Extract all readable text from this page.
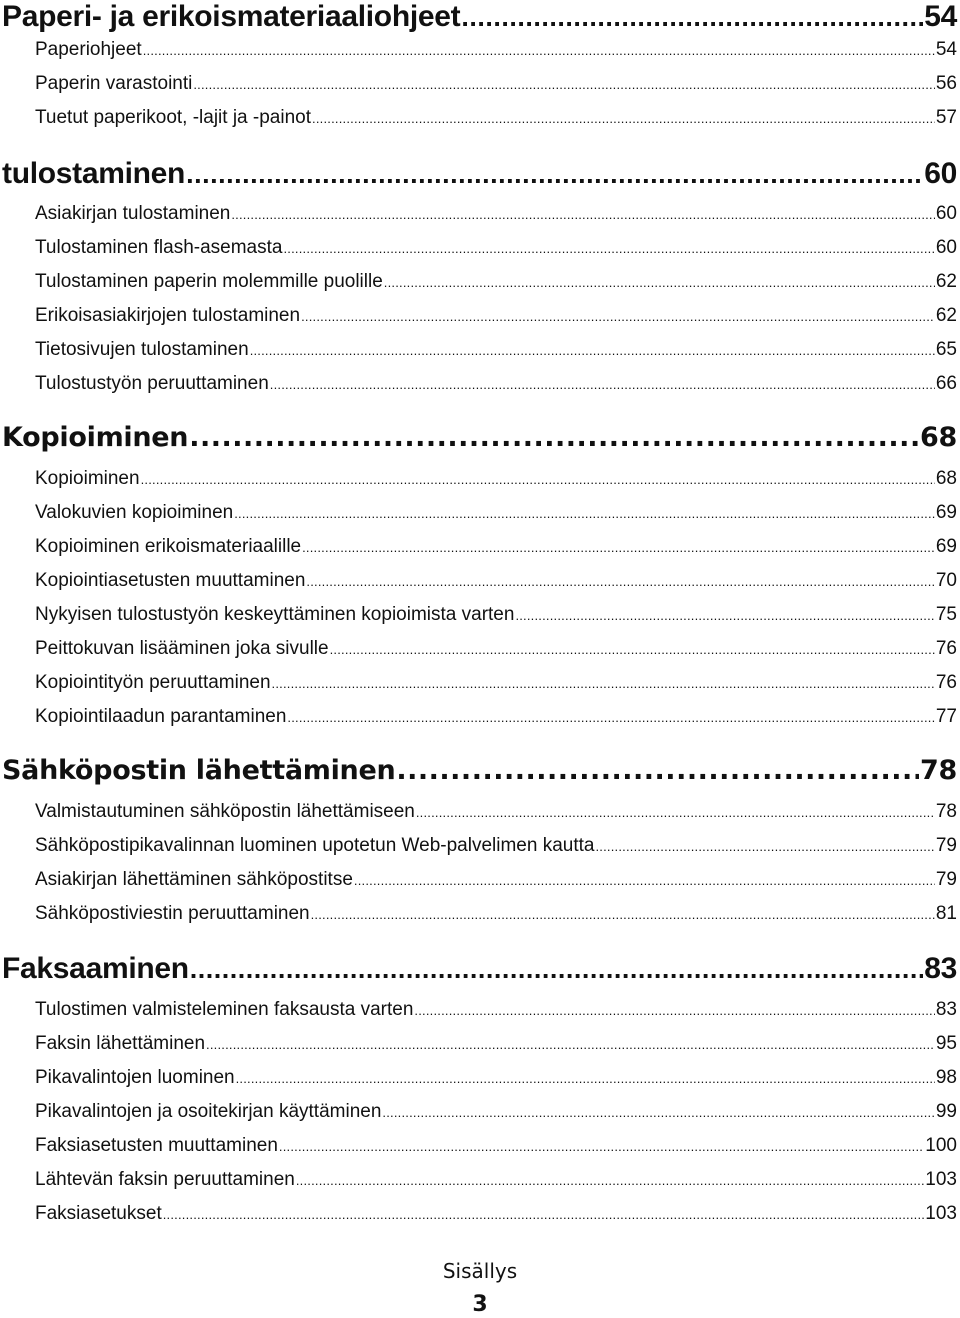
Paperi- ja erikoismateriaaliohjeet .....	54
Paperiohjeet .....	54
Paperin varastointi .....	56
Tuetut paperikoot, -lajit ja -painot .....	57
tulostaminen .....	60
Asiakirjan tulostaminen .....	60
Tulostaminen flash-asemasta .....	60
Tulostaminen paperin molemmille puolille .....	62
Erikoisasiakirjojen tulostaminen .....	62
Tietosivujen tulostaminen .....	65
Tulostustyön peruuttaminen .....	66
Kopioiminen .....	68
Kopioiminen .....	68
Valokuvien kopioiminen .....	69
Kopioiminen erikoismateriaalille .....	69
Kopiointiasetusten muuttaminen .....	70
Nykyisen tulostustyön keskeyttäminen kopioimista varten .....	75
Peittokuvan lisääminen joka sivulle .....	76
Kopiointityön peruuttaminen .....	76
Kopiointilaadun parantaminen .....	77
Sähköpostin lähettäminen .....	78
Valmistautuminen sähköpostin lähettämiseen .....	78
Sähköpostipikavalinnan luominen upotetun Web-palvelimen kautta .....	79
Asiakirjan lähettäminen sähköpostitse .....	79
Sähköpostiviestin peruuttaminen .....	81
Faksaaminen .....	83
Tulostimen valmisteleminen faksausta varten .....	83
Faksin lähettäminen .....	95
Pikavalintojen luominen .....	98
Pikavalintojen ja osoitekirjan käyttäminen .....	99
Faksiasetusten muuttaminen .....	100
Lähtevän faksin peruuttaminen .....	103
Faksiasetukset .....	103
Sisällys
3
